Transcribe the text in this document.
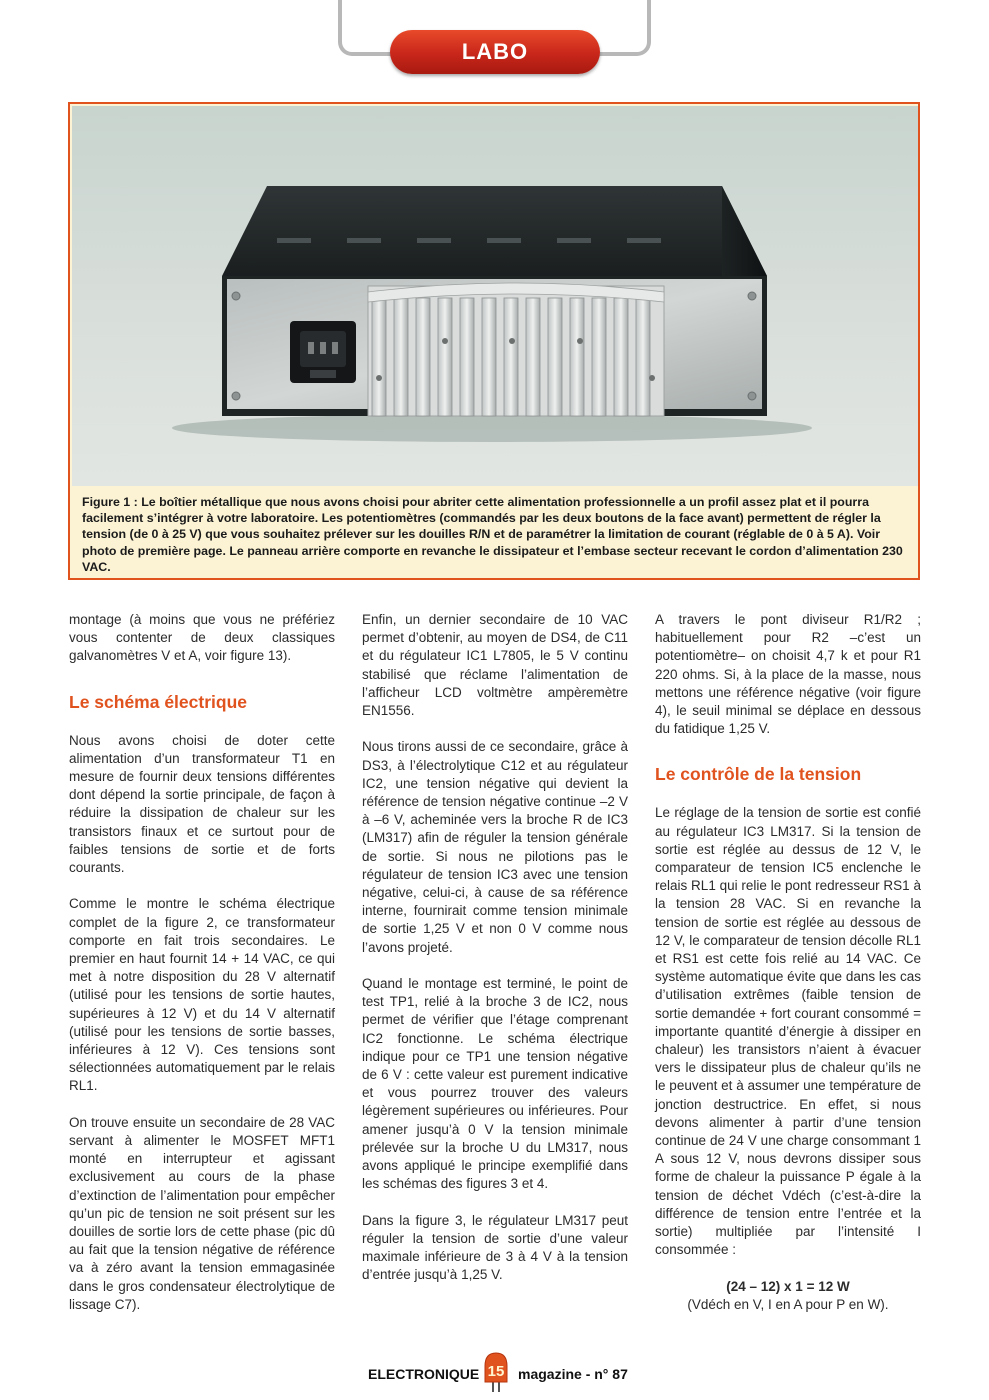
LABO
Figure 1 : Le boîtier métallique que nous avons choisi pour abriter cette alimentation professionnelle a un profil assez plat et il pourra facilement s’intégrer à votre laboratoire. Les potentiomètres (commandés par les deux boutons de la face avant) permettent de régler la tension (de 0 à 25 V) que vous souhaitez prélever sur les douilles R/N et de paramétrer la limitation de courant (réglable de 0 à 5 A). Voir photo de première page. Le panneau arrière comporte en revanche le dissipateur et l’embase secteur recevant le cordon d’alimentation 230 VAC.

montage (à moins que vous ne préfériez vous contenter de deux classiques galvanomètres V et A, voir figure 13).

Le schéma électrique

Nous avons choisi de doter cette alimentation d’un transformateur T1 en mesure de fournir deux tensions différentes dont dépend la sortie principale, de façon à réduire la dissipation de chaleur sur les transistors finaux et ce surtout pour de faibles tensions de sortie et de forts courants.

Comme le montre le schéma électrique complet de la figure 2, ce transformateur comporte en fait trois secondaires. Le premier en haut fournit 14 + 14 VAC, ce qui met à notre disposition du 28 V alternatif (utilisé pour les tensions de sortie hautes, supérieures à 12 V) et du 14 V alternatif (utilisé pour les tensions de sortie basses, inférieures à 12 V). Ces tensions sont sélectionnées automatiquement par le relais RL1.

On trouve ensuite un secondaire de 28 VAC servant à alimenter le MOSFET MFT1 monté en interrupteur et agissant exclusivement au cours de la phase d’extinction de l’alimentation pour empêcher qu’un pic de tension ne soit présent sur les douilles de sortie lors de cette phase (pic dû au fait que la tension négative de référence va à zéro avant la tension emmagasinée dans le gros condensateur électrolytique de lissage C7).

Enfin, un dernier secondaire de 10 VAC permet d’obtenir, au moyen de DS4, de C11 et du régulateur IC1 L7805, le 5 V continu stabilisé que réclame l’alimentation de l’afficheur LCD voltmètre ampèremètre EN1556.

Nous tirons aussi de ce secondaire, grâce à DS3, à l’électrolytique C12 et au régulateur IC2, une tension négative qui devient la référence de tension négative continue –2 V à –6 V, acheminée vers la broche R de IC3 (LM317) afin de réguler la tension générale de sortie. Si nous ne pilotions pas le régulateur de tension IC3 avec une tension négative, celui-ci, à cause de sa référence interne, fournirait comme tension minimale de sortie 1,25 V et non 0 V comme nous l’avons projeté.

Quand le montage est terminé, le point de test TP1, relié à la broche 3 de IC2, nous permet de vérifier que l’étage comprenant IC2 fonctionne. Le schéma électrique indique pour ce TP1 une tension négative de 6 V : cette valeur est purement indicative et vous pourrez trouver des valeurs légèrement supérieures ou inférieures. Pour amener jusqu’à 0 V la tension minimale prélevée sur la broche U du LM317, nous avons appliqué le principe exemplifié dans les schémas des figures 3 et 4.

Dans la figure 3, le régulateur LM317 peut réguler la tension de sortie d’une valeur maximale inférieure de 3 à 4 V à la tension d’entrée jusqu’à 1,25 V.

A travers le pont diviseur R1/R2 ; habituellement pour R2 –c’est un potentiomètre– on choisit 4,7 k et pour R1 220 ohms. Si, à la place de la masse, nous mettons une référence négative (voir figure 4), le seuil minimal se déplace en dessous du fatidique 1,25 V.

Le contrôle de la tension

Le réglage de la tension de sortie est confié au régulateur IC3 LM317. Si la tension de sortie est réglée au dessus de 12 V, le comparateur de tension IC5 enclenche le relais RL1 qui relie le pont redresseur RS1 à la tension 28 VAC. Si en revanche la tension de sortie est réglée au dessous de 12 V, le comparateur de tension décolle RL1 et RS1 est cette fois relié au 14 VAC. Ce système automatique évite que dans les cas d’utilisation extrêmes (faible tension de sortie demandée + fort courant consommé = importante quantité d’énergie à dissiper en chaleur) les transistors n’aient à évacuer vers le dissipateur plus de chaleur qu’ils ne le peuvent et à assumer une température de jonction destructrice. En effet, si nous devons alimenter à partir d’une tension continue de 24 V une charge consommant 1 A sous 12 V, nous devrons dissiper sous forme de chaleur la puissance P égale à la tension de déchet Vdéch (c’est-à-dire la différence de tension entre l’entrée et la sortie) multipliée par l’intensité I consommée :

(24 – 12) x 1 = 12 W
(Vdéch en V, I en A pour P en W).
ELECTRONIQUE 15 magazine - n° 87
